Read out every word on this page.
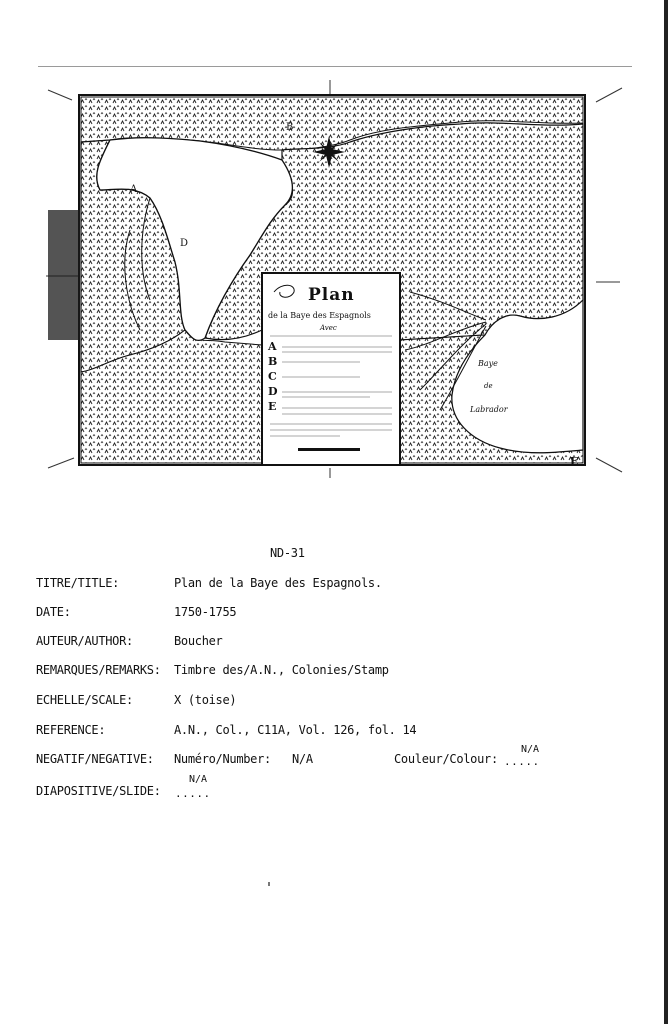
B
A
D
E
Baye
de
Labrador
Plan
de la Baye des Espagnols
Avec
A
B
C
D
E
ND-31
TITRE/TITLE:	Plan de la Baye des Espagnols.
DATE:	1750-1755
AUTEUR/AUTHOR:	Boucher
REMARQUES/REMARKS: Timbre des/A.N., Colonies/Stamp
ECHELLE/SCALE:	X (toise)
REFERENCE:	A.N., Col., C11A, Vol. 126, fol. 14
NEGATIF/NEGATIVE: Numéro/Number: N/A	Couleur/Colour:
N/A
.....
DIAPOSITIVE/SLIDE:
N/A
.....
